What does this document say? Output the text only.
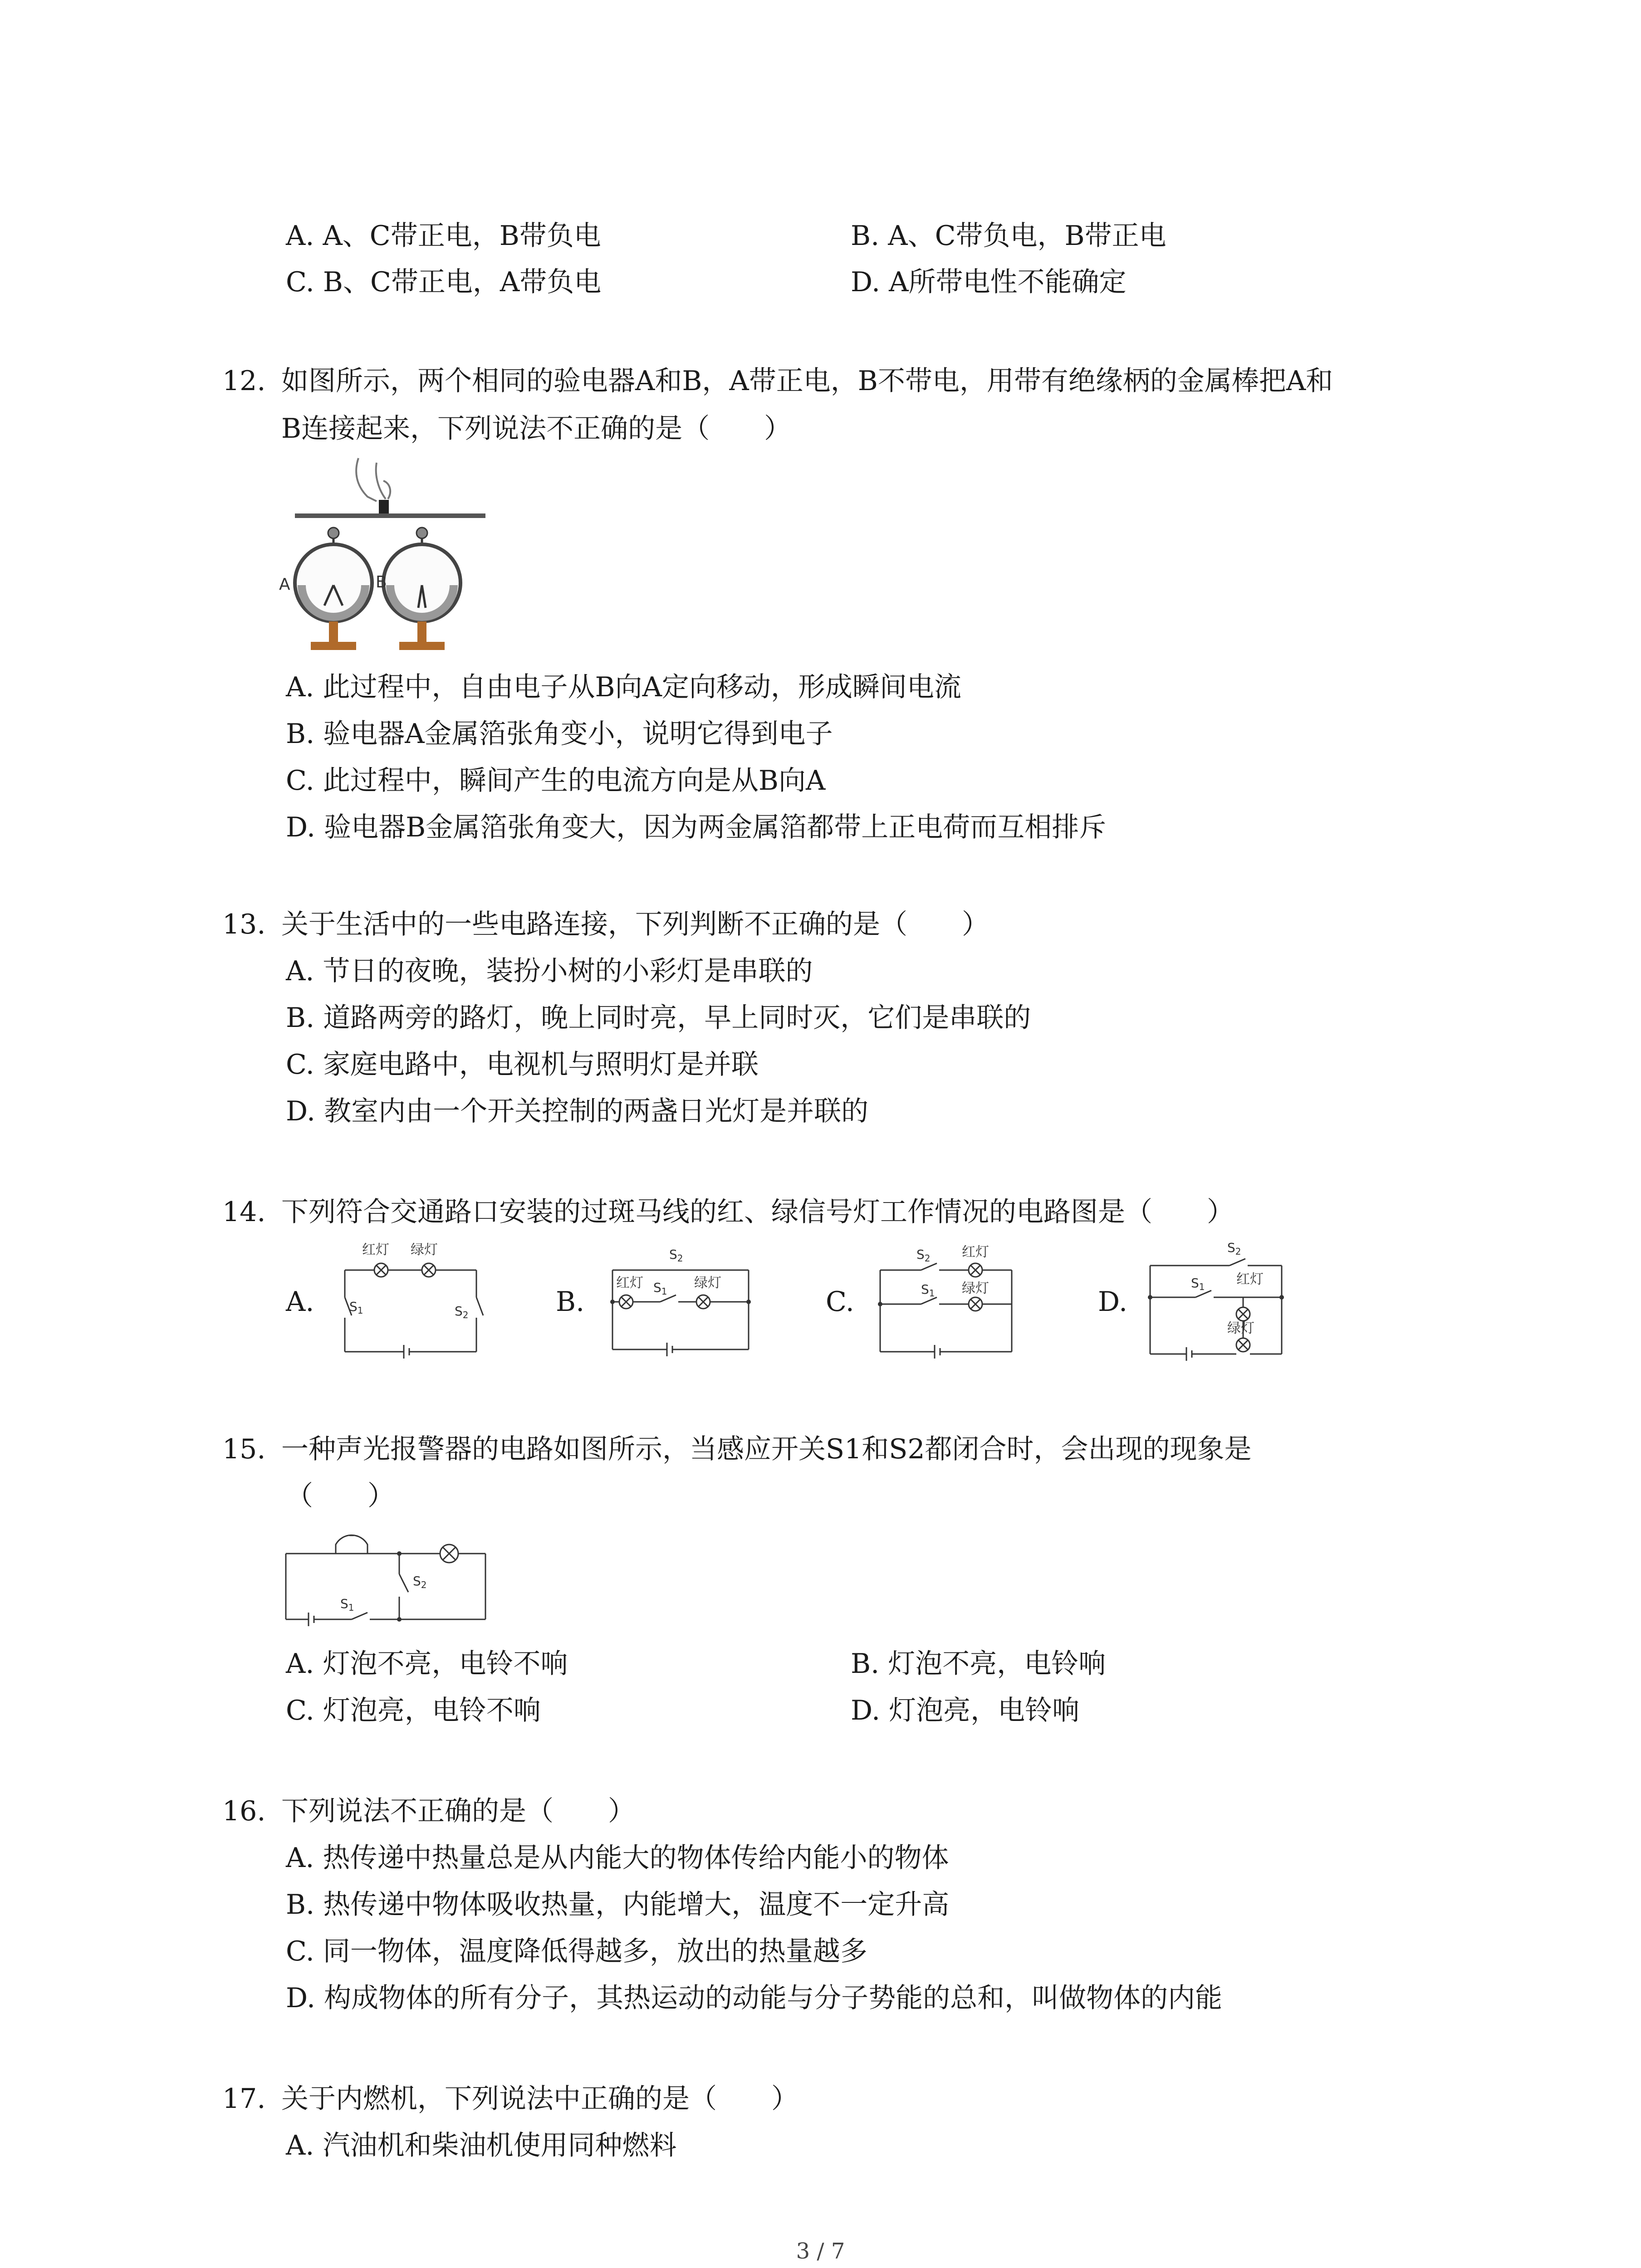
A. A、C带正电，B带负电	B. A、C带负电，B带正电
C. B、C带正电，A带负电	D. A所带电性不能确定
12. 如图所示，两个相同的验电器A和B，A带正电，B不带电，用带有绝缘柄的金属棒把A和
B连接起来，下列说法不正确的是（　　）
A	B
A. 此过程中，自由电子从B向A定向移动，形成瞬间电流
B. 验电器A金属箔张角变小，说明它得到电子
C. 此过程中，瞬间产生的电流方向是从B向A
D. 验电器B金属箔张角变大，因为两金属箔都带上正电荷而互相排斥
13. 关于生活中的一些电路连接，下列判断不正确的是（　　）
A. 节日的夜晚，装扮小树的小彩灯是串联的
B. 道路两旁的路灯，晚上同时亮，早上同时灭，它们是串联的
C. 家庭电路中，电视机与照明灯是并联
D. 教室内由一个开关控制的两盏日光灯是并联的
14. 下列符合交通路口安装的过斑马线的红、绿信号灯工作情况的电路图是（　　）
A.	B.	C.	D.
红灯 绿灯
$S_1$	$S_2$
$S_2$
红灯 $S_1$
绿灯
$S_2$ 红灯
$S_1$ 绿灯
$S_2$
红灯
$S_1$
绿灯
15. 一种声光报警器的电路如图所示，当感应开关S1和S2都闭合时，会出现的现象是
（　　）
$S_2$
$S_1$
A. 灯泡不亮，电铃不响	B. 灯泡不亮，电铃响
C. 灯泡亮，电铃不响	D. 灯泡亮，电铃响
16. 下列说法不正确的是（　　）
A. 热传递中热量总是从内能大的物体传给内能小的物体
B. 热传递中物体吸收热量，内能增大，温度不一定升高
C. 同一物体，温度降低得越多，放出的热量越多
D. 构成物体的所有分子，其热运动的动能与分子势能的总和，叫做物体的内能
17. 关于内燃机，下列说法中正确的是（　　）
A. 汽油机和柴油机使用同种燃料
3 / 7
